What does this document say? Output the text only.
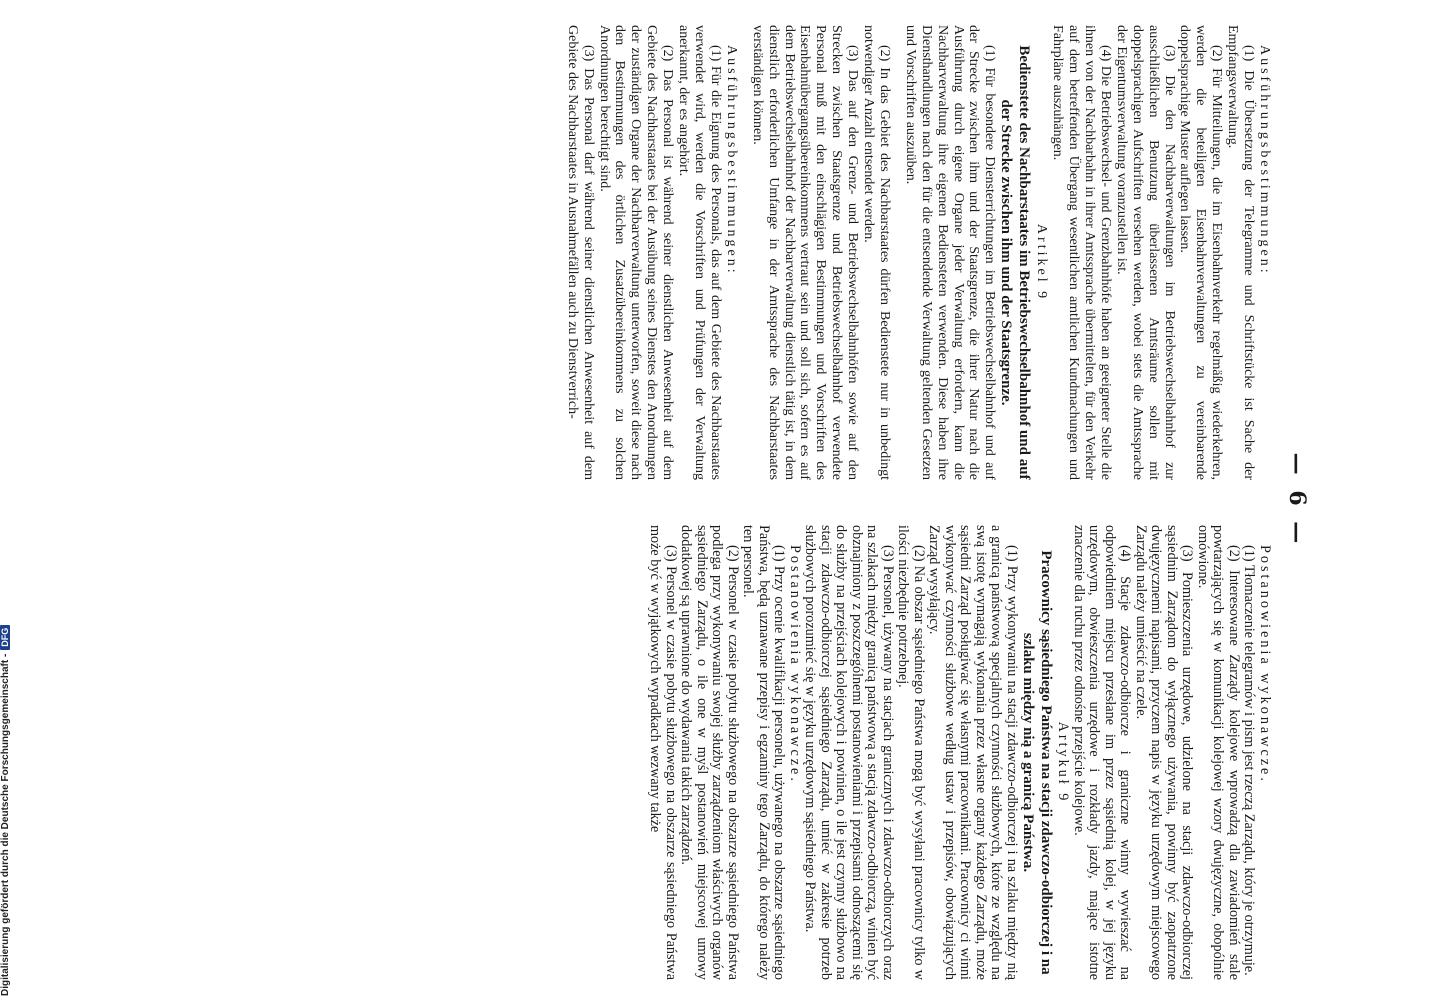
— 6 —

Ausführungsbestimmungen:

(1) Die Übersetzung der Telegramme und Schriftstücke ist Sache der Empfangsverwaltung.

(2) Für Mitteilungen, die im Eisenbahnverkehr regelmäßig wiederkehren, werden die beteiligten Eisenbahnverwaltungen zu vereinbarende doppelsprachige Muster auflegen lassen.

(3) Die den Nachbarverwaltungen im Betriebswechselbahnhof zur ausschließlichen Benutzung überlassenen Amtsräume sollen mit doppelsprachigen Aufschriften versehen werden, wobei stets die Amtssprache der Eigentumsverwaltung voranzustellen ist.

(4) Die Betriebswechsel- und Grenzbahnhöfe haben an geeigneter Stelle die ihnen von der Nachbarbahn in ihrer Amtssprache übermittelten, für den Verkehr auf dem betreffenden Übergang wesentlichen amtlichen Kundmachungen und Fahrpläne auszuhängen.

Artikel 9

Bedienstete des Nachbarstaates im Betriebswechselbahnhof und auf der Strecke zwischen ihm und der Staatsgrenze.

(1) Für besondere Diensterrichtungen im Betriebswechselbahnhof und auf der Strecke zwischen ihm und der Staatsgrenze, die ihrer Natur nach die Ausführung durch eigene Organe jeder Verwaltung erfordern, kann die Nachbarverwaltung ihre eigenen Bediensteten verwenden. Diese haben ihre Diensthandlungen nach den für die entsendende Verwaltung geltenden Gesetzen und Vorschriften auszuüben.

(2) In das Gebiet des Nachbarstaates dürfen Bedienstete nur in unbedingt notwendiger Anzahl entsendet werden.

(3) Das auf den Grenz- und Betriebswechselbahnhöfen sowie auf den Strecken zwischen Staatsgrenze und Betriebswechselbahnhof verwendete Personal muß mit den einschlägigen Bestimmungen und Vorschriften des Eisenbahnübergangsübereinkommens vertraut sein und soll sich, sofern es auf dem Betriebswechselbahnhof der Nachbarverwaltung dienstlich tätig ist, in dem dienstlich erforderlichen Umfange in der Amtssprache des Nachbarstaates verständigen können.

Ausführungsbestimmungen:

(1) Für die Eignung des Personals, das auf dem Gebiete des Nachbarstaates verwendet wird, werden die Vorschriften und Prüfungen der Verwaltung anerkannt, der es angehört.

(2) Das Personal ist während seiner dienstlichen Anwesenheit auf dem Gebiete des Nachbarstaates bei der Ausübung seines Dienstes den Anordnungen der zuständigen Organe der Nachbarverwaltung unterworfen, soweit diese nach den Bestimmungen des örtlichen Zusatzübereinkommens zu solchen Anordnungen berechtigt sind.

(3) Das Personal darf während seiner dienstlichen Anwesenheit auf dem Gebiete des Nachbarstaates in Ausnahmefällen auch zu Dienstverrich-

Postanowienia wykonawcze.

(1) Tłomaczenie telegramów i pism jest rzeczą Zarządu, który je otrzymuje.

(2) Interesowane Zarządy kolejowe wprowadzą dla zawiadomień stale powtarzających się w komunikacji kolejowej wzory dwujęzyczne, obopólnie omówione.

(3) Pomieszczenia urzędowe, udzielone na stacji zdawczo-odbiorczej sąsiednim Zarządom do wyłącznego używania, powinny być zaopatrzone dwujęzycznemi napisami, przyczem napis w języku urzędowym miejscowego Zarządu należy umieścić na czele.

(4) Stacje zdawczo-odbiorcze i graniczne winny wywieszać na odpowiedniem miejscu przesłane im przez sąsiednią kolej, w jej języku urzędowym, obwieszczenia urzędowe i rozkłady jazdy, mające istotne znaczenie dla ruchu przez odnośne przejście kolejowe.

Artykuł 9

Pracownicy sąsiedniego Państwa na stacji zdawczo-odbiorczej i na szlaku między nią a granicą Państwa.

(1) Przy wykonywaniu na stacji zdawczo-odbiorczej i na szlaku między nią a granicą państwową specjalnych czynności służbowych, które ze względu na swą istotę wymagają wykonania przez własne organy każdego Zarządu, może sąsiedni Zarząd posługiwać się własnymi pracownikami. Pracownicy ci winni wykonywać czynności służbowe według ustaw i przepisów, obowiązujących Zarząd wysyłający.

(2) Na obszar sąsiedniego Państwa mogą być wysyłani pracownicy tylko w ilości niezbędnie potrzebnej.

(3) Personel, używany na stacjach granicznych i zdawczo-odbiorczych oraz na szlakach między granicą państwową a stacją zdawczo-odbiorczą, winien być obznajmiony z poszczególnemi postanowieniami i przepisami odnoszącemi się do służby na przejściach kolejowych i powinien, o ile jest czynny służbowo na stacji zdawczo-odbiorczej sąsiedniego Zarządu, umieć w zakresie potrzeb służbowych porozumieć się w języku urzędowym sąsiedniego Państwa.

Postanowienia wykonawcze.

(1) Przy ocenie kwalifikacji personelu, używanego na obszarze sąsiedniego Państwa, będą uznawane przepisy i egzaminy tego Zarządu, do którego należy ten personel.

(2) Personel w czasie pobytu służbowego na obszarze sąsiedniego Państwa podlega przy wykonywaniu swojej służby zarządzeniom właściwych organów sąsiedniego Zarządu, o ile one w myśl postanowień miejscowej umowy dodatkowej są uprawnione do wydawania takich zarządzeń.

(3) Personel w czasie pobytu służbowego na obszarze sąsiedniego Państwa może być w wyjątkowych wypadkach wezwany także

Digitalisierung gefördert durch die Deutsche Forschungsgemeinschaft -DFG
